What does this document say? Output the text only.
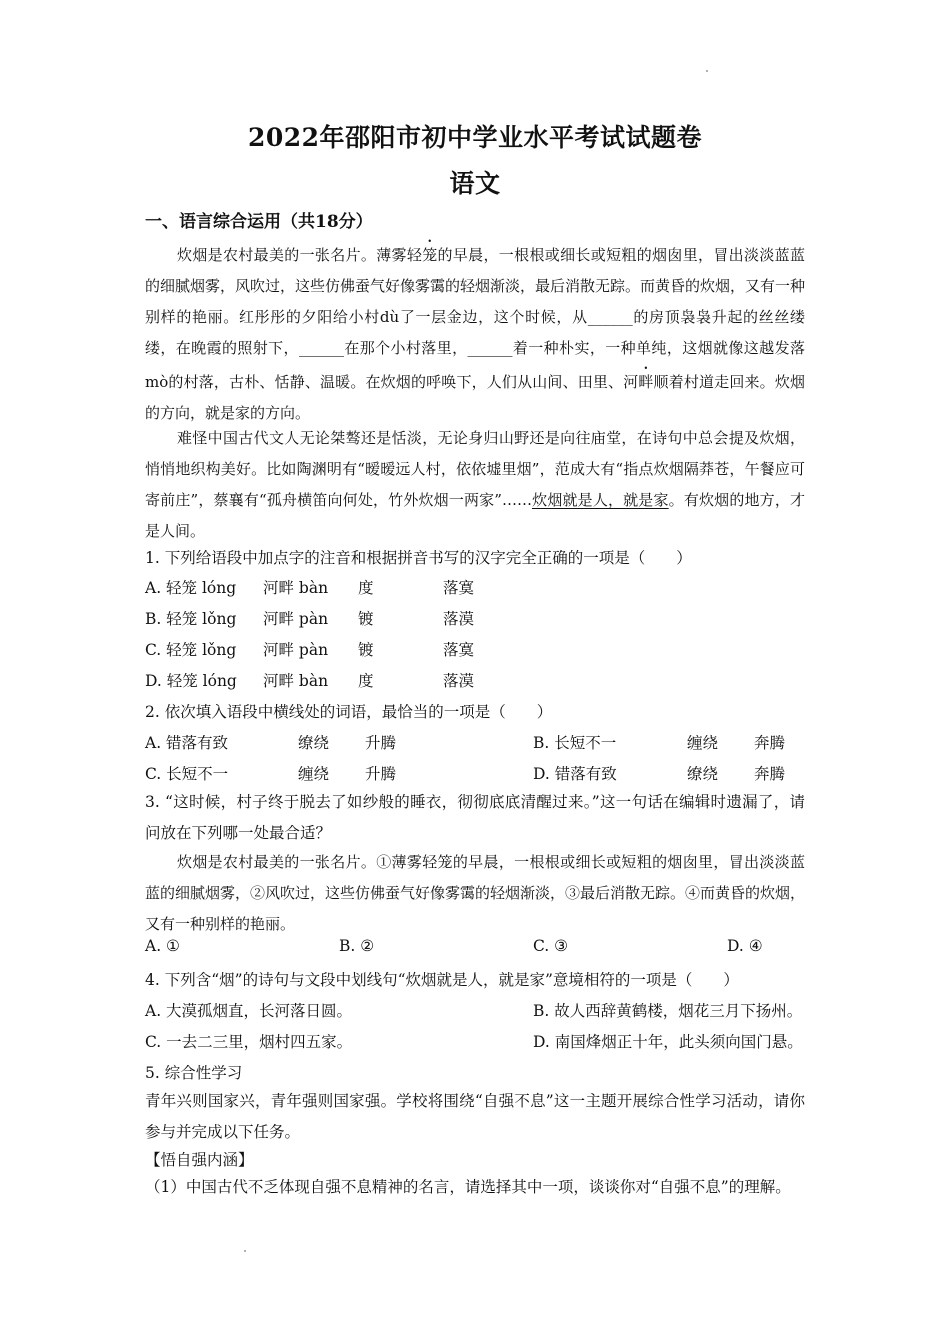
2022年邵阳市初中学业水平考试试题卷
语文
一、语言综合运用（共18分）
炊烟是农村最美的一张名片。薄雾轻笼的早晨，一根根或细长或短粗的烟囱里，冒出淡淡蓝蓝的细腻烟雾，风吹过，这些仿佛蚕气好像雾霭的轻烟渐淡，最后消散无踪。而黄昏的炊烟，又有一种别样的艳丽。红彤彤的夕阳给小村dù了一层金边，这个时候，从______的房顶袅袅升起的丝丝缕缕，在晚霞的照射下，______在那个小村落里，______着一种朴实，一种单纯，这烟就像这越发落mò的村落，古朴、恬静、温暖。在炊烟的呼唤下，人们从山间、田里、河畔顺着村道走回来。炊烟的方向，就是家的方向。
难怪中国古代文人无论桀骜还是恬淡，无论身归山野还是向往庙堂，在诗句中总会提及炊烟，悄悄地织构美好。比如陶渊明有“暧暧远人村，依依墟里烟”，范成大有“指点炊烟隔莽苍，午餐应可寄前庄”，蔡襄有“孤舟横笛向何处，竹外炊烟一两家”……炊烟就是人，就是家。有炊烟的地方，才是人间。
1. 下列给语段中加点字的注音和根据拼音书写的汉字完全正确的一项是（　　）
A. 轻笼 lóng 河畔 bàn 度	落寞
B. 轻笼 lǒng 河畔 pàn 镀	落漠
C. 轻笼 lǒng 河畔 pàn 镀	落寞
D. 轻笼 lóng 河畔 bàn 度	落漠
2. 依次填入语段中横线处的词语，最恰当的一项是（　　）
A. 错落有致	缭绕 升腾	B. 长短不一	缠绕 奔腾
C. 长短不一	缠绕 升腾	D. 错落有致	缭绕 奔腾
3. “这时候，村子终于脱去了如纱般的睡衣，彻彻底底清醒过来。”这一句话在编辑时遗漏了，请问放在下列哪一处最合适？
炊烟是农村最美的一张名片。①薄雾轻笼的早晨，一根根或细长或短粗的烟囱里，冒出淡淡蓝蓝的细腻烟雾，②风吹过，这些仿佛蚕气好像雾霭的轻烟渐淡，③最后消散无踪。④而黄昏的炊烟，又有一种别样的艳丽。
A. ①	B. ②	C. ③	D. ④
4. 下列含“烟”的诗句与文段中划线句“炊烟就是人，就是家”意境相符的一项是（　　）
A. 大漠孤烟直，长河落日圆。	B. 故人西辞黄鹤楼，烟花三月下扬州。
C. 一去二三里，烟村四五家。	D. 南国烽烟正十年，此头须向国门悬。
5. 综合性学习
青年兴则国家兴，青年强则国家强。学校将围绕“自强不息”这一主题开展综合性学习活动，请你参与并完成以下任务。
【悟自强内涵】
（1）中国古代不乏体现自强不息精神的名言，请选择其中一项，谈谈你对“自强不息”的理解。
